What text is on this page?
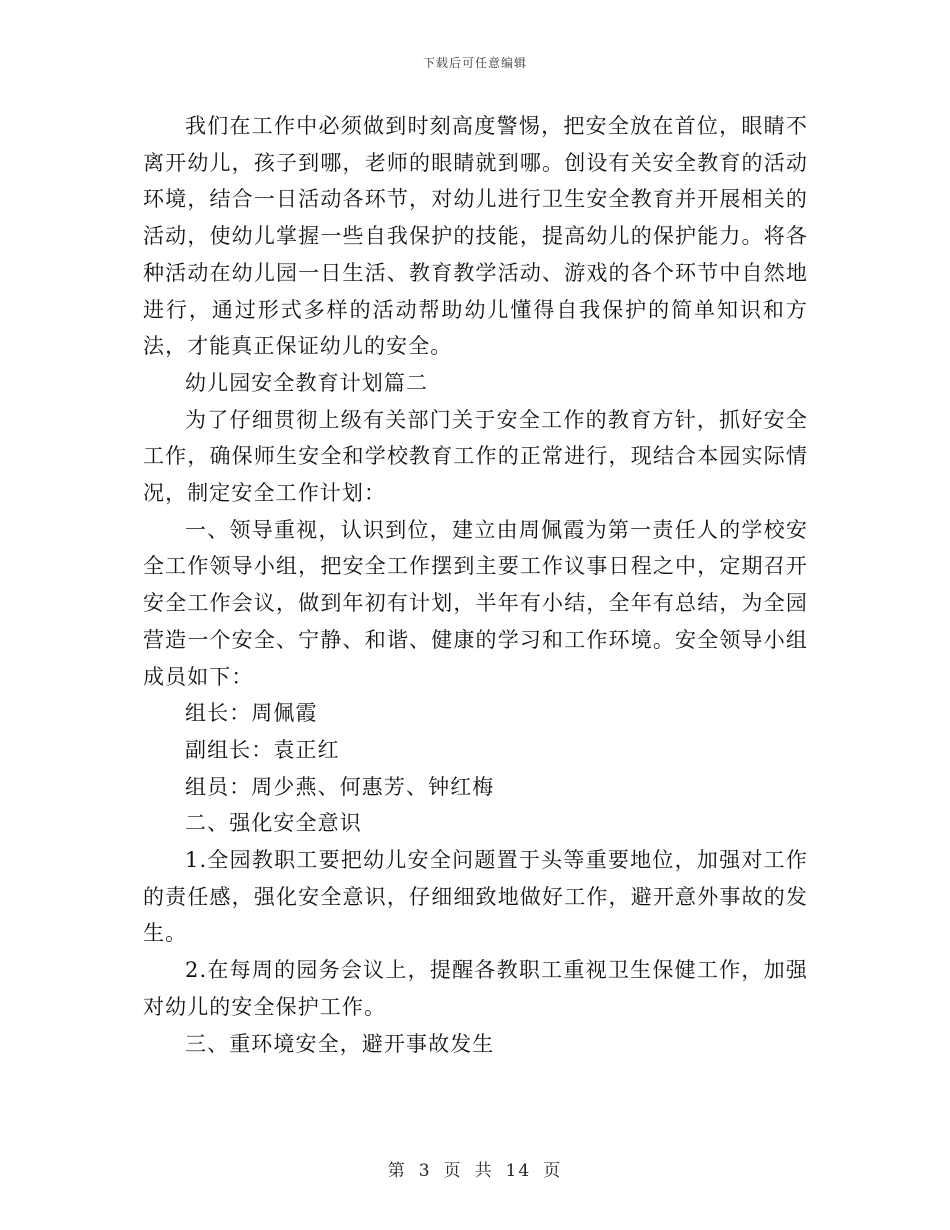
下载后可任意编辑

我们在工作中必须做到时刻高度警惕，把安全放在首位，眼睛不离开幼儿，孩子到哪，老师的眼睛就到哪。创设有关安全教育的活动环境，结合一日活动各环节，对幼儿进行卫生安全教育并开展相关的活动，使幼儿掌握一些自我保护的技能，提高幼儿的保护能力。将各种活动在幼儿园一日生活、教育教学活动、游戏的各个环节中自然地进行，通过形式多样的活动帮助幼儿懂得自我保护的简单知识和方法，才能真正保证幼儿的安全。

幼儿园安全教育计划篇二

为了仔细贯彻上级有关部门关于安全工作的教育方针，抓好安全工作，确保师生安全和学校教育工作的正常进行，现结合本园实际情况，制定安全工作计划：

一、领导重视，认识到位，建立由周佩霞为第一责任人的学校安全工作领导小组，把安全工作摆到主要工作议事日程之中，定期召开安全工作会议，做到年初有计划，半年有小结，全年有总结，为全园营造一个安全、宁静、和谐、健康的学习和工作环境。安全领导小组成员如下：

组长：周佩霞

副组长：袁正红

组员：周少燕、何惠芳、钟红梅

二、强化安全意识

1.全园教职工要把幼儿安全问题置于头等重要地位，加强对工作的责任感，强化安全意识，仔细细致地做好工作，避开意外事故的发生。

2.在每周的园务会议上，提醒各教职工重视卫生保健工作，加强对幼儿的安全保护工作。

三、重环境安全，避开事故发生

第 3 页 共 14 页
